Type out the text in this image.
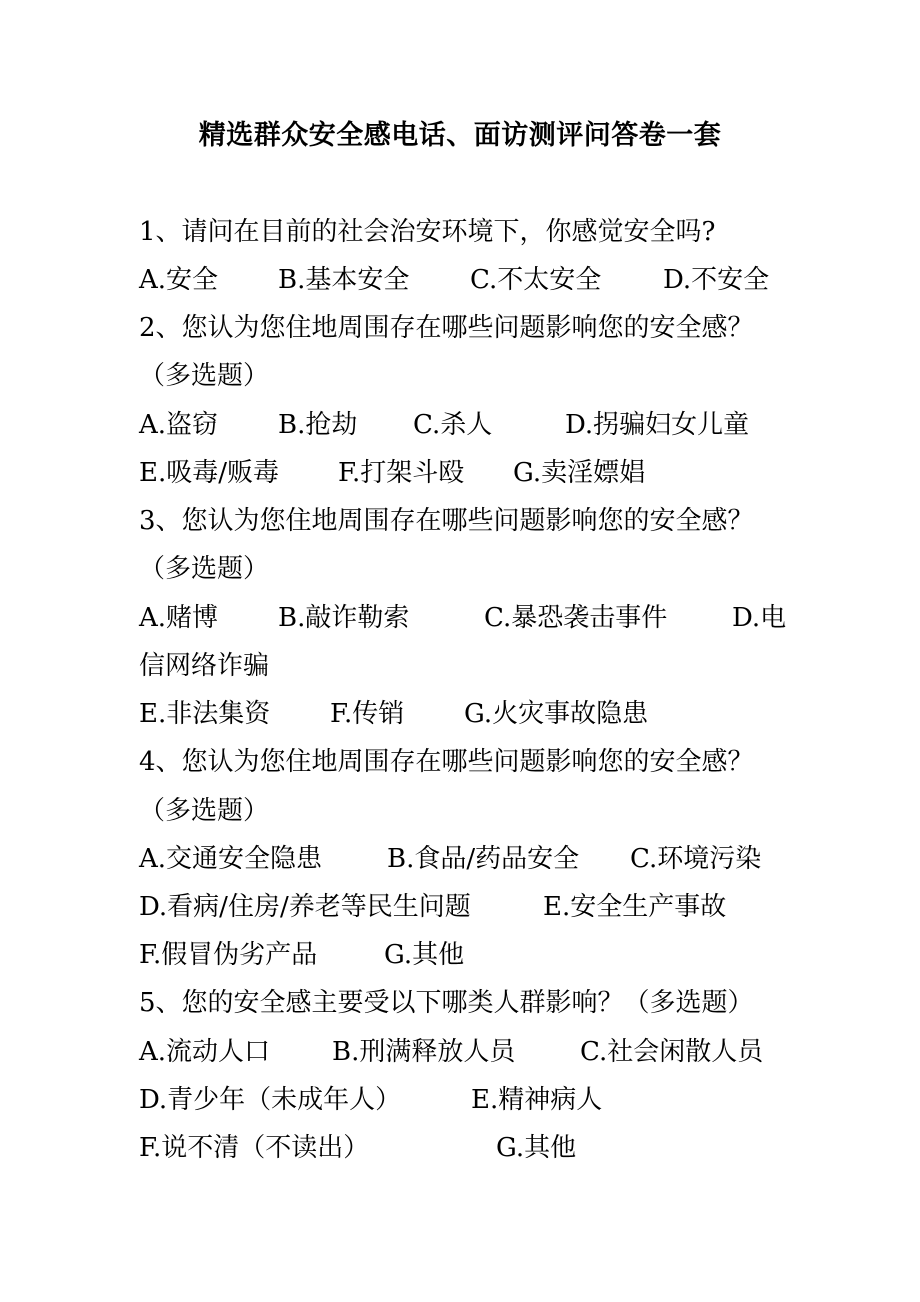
精选群众安全感电话、面访测评问答卷一套
1、请问在目前的社会治安环境下，你感觉安全吗?
A.安全 B.基本安全 C.不太安全 D.不安全
2、您认为您住地周围存在哪些问题影响您的安全感？
（多选题）
A.盗窃 B.抢劫 C.杀人	D.拐骗妇女儿童
E.吸毒/贩毒 F.打架斗殴 G.卖淫嫖娼
3、您认为您住地周围存在哪些问题影响您的安全感？
（多选题）
A.赌博 B.敲诈勒索	C.暴恐袭击事件 D.电
信网络诈骗
E.非法集资 F.传销 G.火灾事故隐患
4、您认为您住地周围存在哪些问题影响您的安全感？
（多选题）
A.交通安全隐患 B.食品/药品安全 C.环境污染
D.看病/住房/养老等民生问题	E.安全生产事故
F.假冒伪劣产品	G.其他
5、您的安全感主要受以下哪类人群影响？（多选题）
A.流动人口 B.刑满释放人员 C.社会闲散人员
D.青少年（未成年人）	E.精神病人
F.说不清（不读出）	G.其他
